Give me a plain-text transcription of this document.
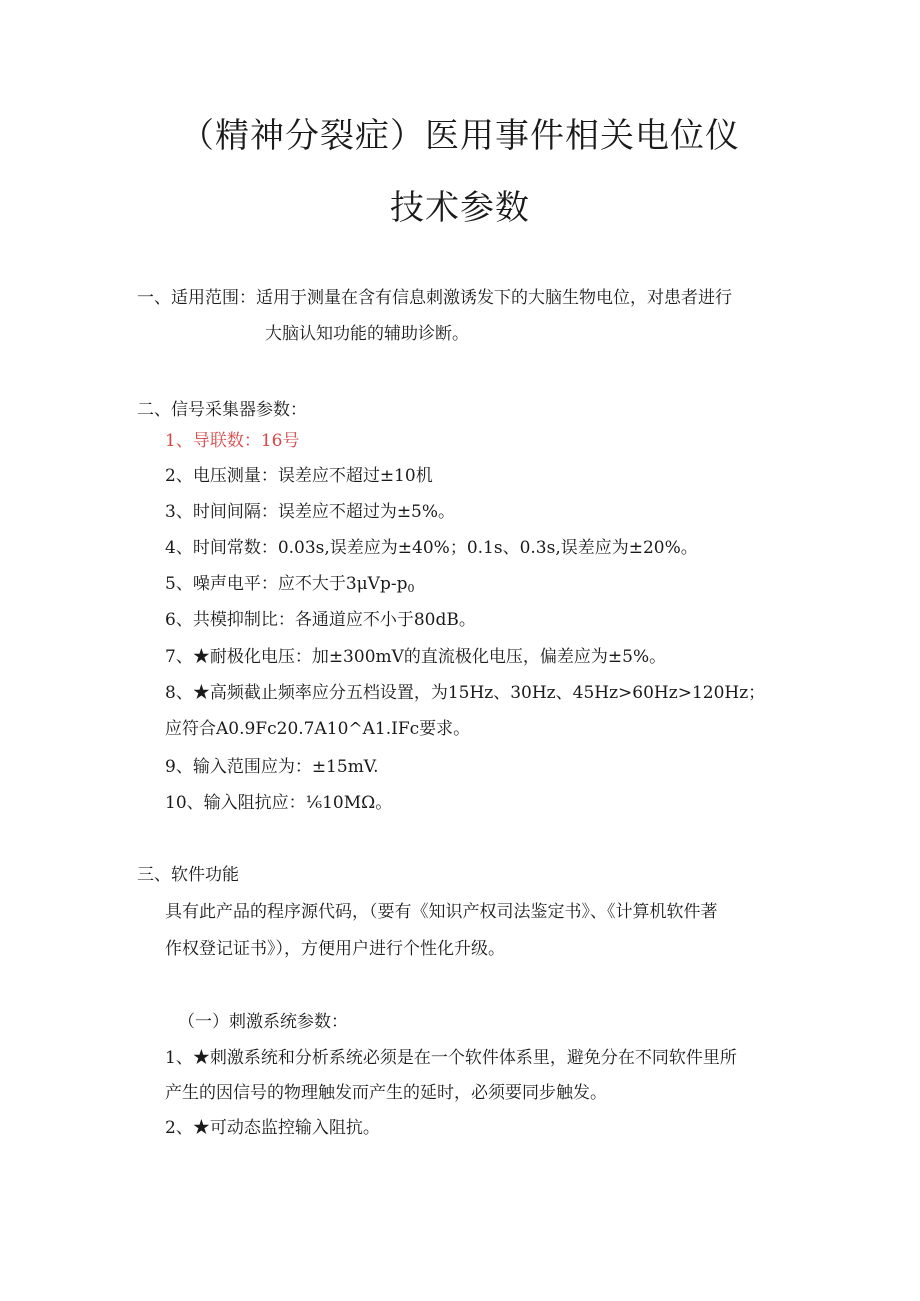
（精神分裂症）医用事件相关电位仪
技术参数
一、适用范围：适用于测量在含有信息刺激诱发下的大脑生物电位，对患者进行
大脑认知功能的辅助诊断。
二、信号采集器参数：
1、导联数：16号
2、电压测量：误差应不超过±10机
3、时间间隔：误差应不超过为±5%。
4、时间常数：0.03s,误差应为±40%；0.1s、0.3s,误差应为±20%。
5、噪声电平：应不大于$3\mu Vp-p_0$
6、共模抑制比：各通道应不小于80dB。
7、★耐极化电压：加±300mV的直流极化电压，偏差应为±5%。
8、★高频截止频率应分五档设置，为15Hz、30Hz、45Hz>60Hz>120Hz；
应符合A0.9Fc20.7A10^A1.IFc要求。
9、输入范围应为：±15mV.
10、输入阻抗应：⅙10MΩ。
三、软件功能
具有此产品的程序源代码，（要有《知识产权司法鉴定书》、《计算机软件著
作权登记证书》），方便用户进行个性化升级。
（一）刺激系统参数：
1、★刺激系统和分析系统必须是在一个软件体系里，避免分在不同软件里所
产生的因信号的物理触发而产生的延时，必须要同步触发。
2、★可动态监控输入阻抗。
